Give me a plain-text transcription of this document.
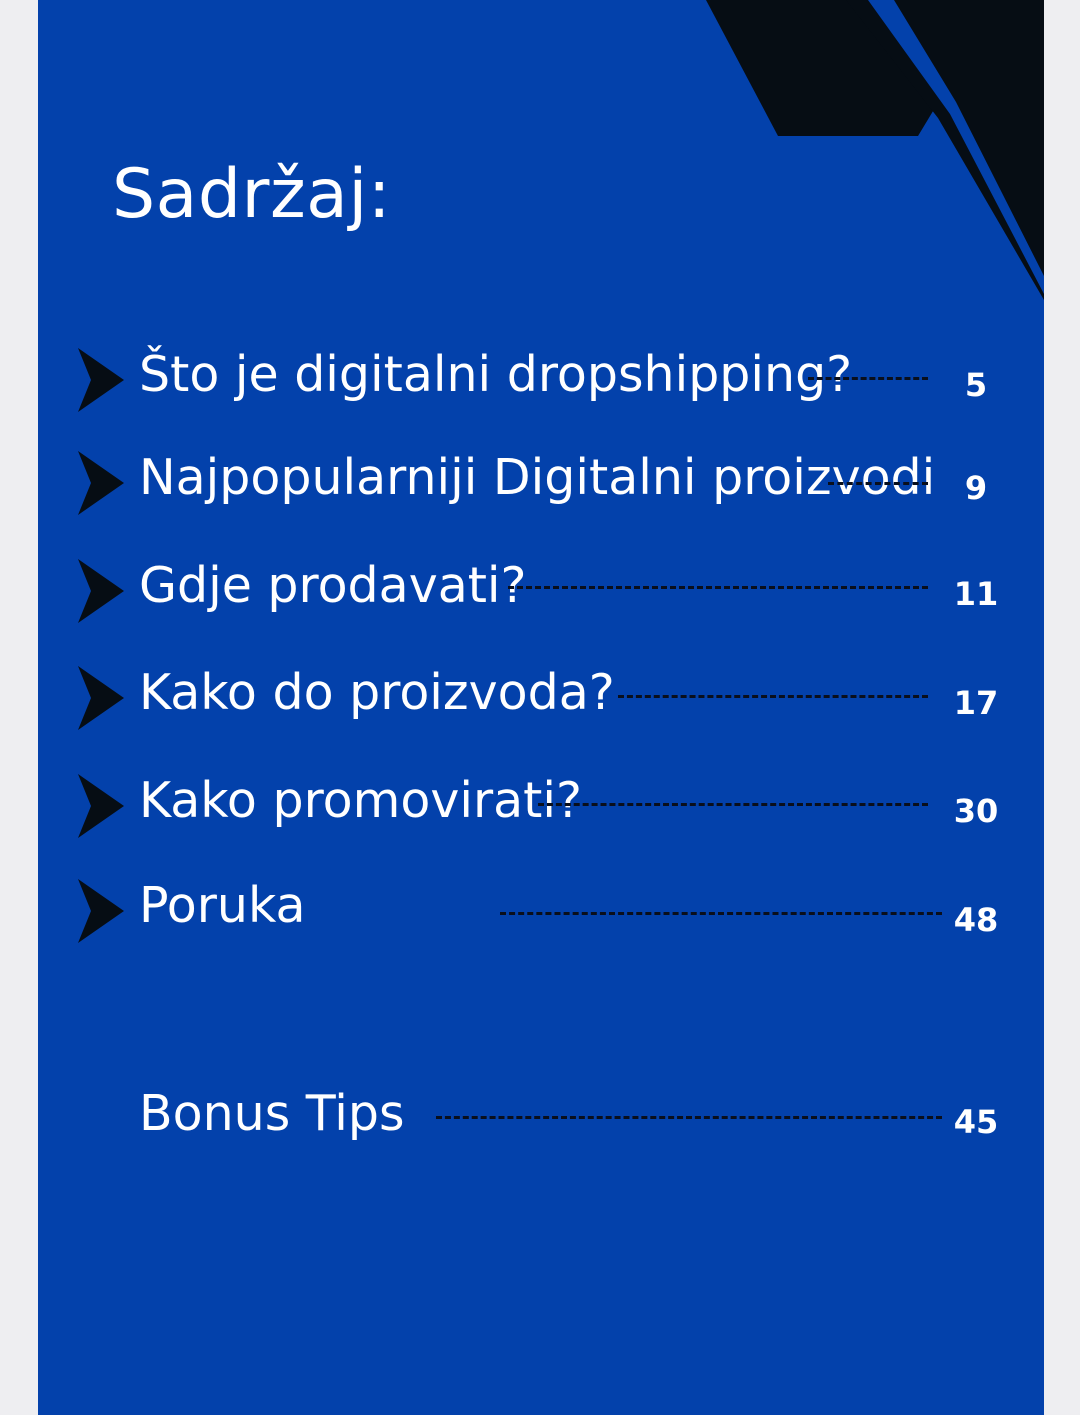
Sadržaj:
Što je digitalni dropshipping?	5
Najpopularniji Digitalni proizvodi 9
Gdje prodavati?	11
Kako do proizvoda?	17
Kako promovirati?	30
Poruka	48
Bonus Tips	45
